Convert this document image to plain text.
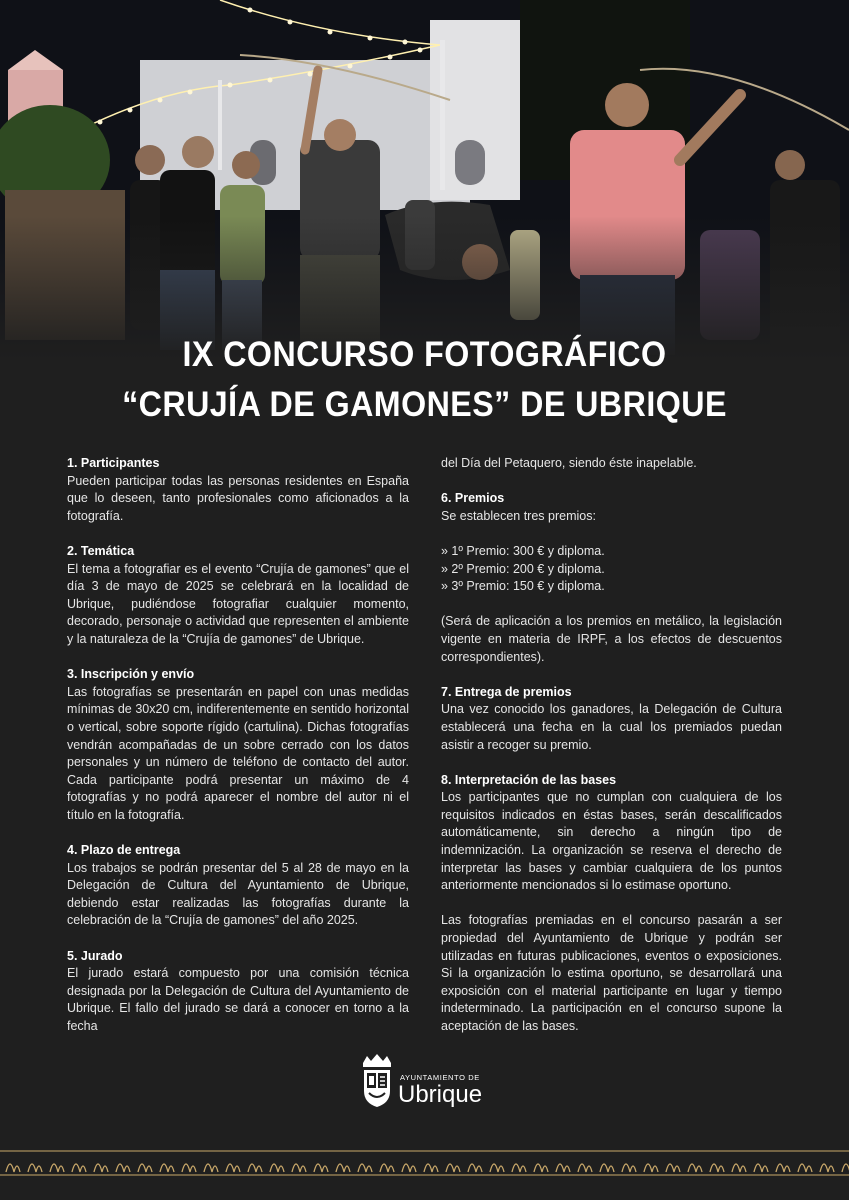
IX CONCURSO FOTOGRÁFICO
“CRUJÍA DE GAMONES” DE UBRIQUE
1. Participantes

Pueden participar todas las personas residentes en España que lo deseen, tanto profesionales como aficionados a la fotografía.

2. Temática

El tema a fotografiar es el evento “Crujía de gamones” que el día 3 de mayo de 2025 se celebrará en la localidad de Ubrique, pudiéndose fotografiar cualquier momento, decorado, personaje o actividad que representen el ambiente y la naturaleza de la “Crujía de gamones” de Ubrique.

3. Inscripción y envío

Las fotografías se presentarán en papel con unas medidas mínimas de 30x20 cm, indiferentemente en sentido horizontal o vertical, sobre soporte rígido (cartulina). Dichas fotografías vendrán acompañadas de un sobre cerrado con los datos personales y un número de teléfono de contacto del autor. Cada participante podrá presentar un máximo de 4 fotografías y no podrá aparecer el nombre del autor ni el título en la fotografía.

4. Plazo de entrega

Los trabajos se podrán presentar del 5 al 28 de mayo en la Delegación de Cultura del Ayuntamiento de Ubrique, debiendo estar realizadas las fotografías durante la celebración de la “Crujía de gamones” del año 2025.

5. Jurado

El jurado estará compuesto por una comisión técnica designada por la Delegación de Cultura del Ayuntamiento de Ubrique. El fallo del jurado se dará a conocer en torno a la fecha

del Día del Petaquero, siendo éste inapelable.

6. Premios

Se establecen tres premios:

» 1º Premio: 300 € y diploma.
» 2º Premio: 200 € y diploma.
» 3º Premio: 150 € y diploma.

(Será de aplicación a los premios en metálico, la legislación vigente en materia de IRPF, a los efectos de descuentos correspondientes).

7. Entrega de premios

Una vez conocido los ganadores, la Delegación de Cultura establecerá una fecha en la cual los premiados puedan asistir a recoger su premio.

8. Interpretación de las bases

Los participantes que no cumplan con cualquiera de los requisitos indicados en éstas bases, serán descalificados automáticamente, sin derecho a ningún tipo de indemnización. La organización se reserva el derecho de interpretar las bases y cambiar cualquiera de los puntos anteriormente mencionados si lo estimase oportuno.

Las fotografías premiadas en el concurso pasarán a ser propiedad del Ayuntamiento de Ubrique y podrán ser utilizadas en futuras publicaciones, eventos o exposiciones. Si la organización lo estima oportuno, se desarrollará una exposición con el material participante en lugar y tiempo indeterminado. La participación en el concurso supone la aceptación de las bases.

AYUNTAMIENTO DE
Ubrique
